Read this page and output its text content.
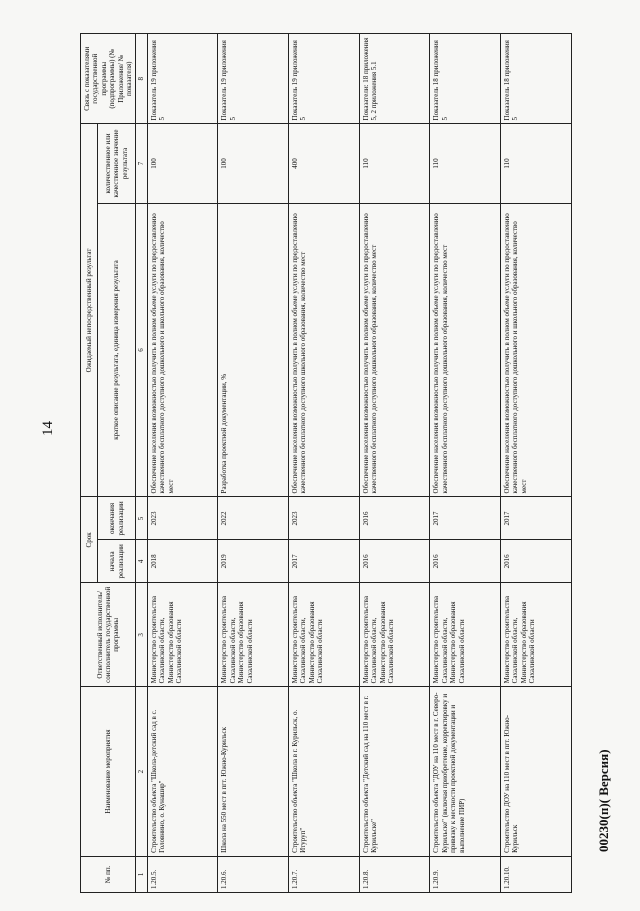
14
№ пп.	Наименование мероприятия	Ответственный исполнитель/соисполнитель государственной программы	Срок		Ожидаемый непосредственный результат		Связь с показателями государственной программы (подпрограммы) (№ Приложения/ № показателя)
			начала реализации	окончания реализации	краткое описание результата, единица измерения результата	количественное или качественное значение результата	
1	2	3	4	5	6	7	8
1.20.5.	Строительство объекта "Школа-детский сад в с. Головнино, о. Кунашир"	Министерство строительства Сахалинской области, Министерство образования Сахалинской области	2018	2023	Обеспечение населения возможностью получить в полном объеме услуги по предоставлению качественного бесплатного доступного дошкольного и школьного образования, количество мест	100	Показатель 19 приложения 5
1.20.6.	Школа на 550 мест в пгт. Южно-Курильск	Министерство строительства Сахалинской области, Министерство образования Сахалинской области	2019	2022	Разработка проектной документации, %	100	Показатель 19 приложения 5
1.20.7.	Строительство объекта "Школа в г. Курильск, о. Итуруп"	Министерство строительства Сахалинской области, Министерство образования Сахалинской области	2017	2023	Обеспечение населения возможностью получить в полном объеме услуги по предоставлению качественного бесплатного доступного школьного образования, количество мест	400	Показатель 19 приложения 5
1.20.8.	Строительство объекта "Детский сад на 110 мест в г. Курильске"	Министерство строительства Сахалинской области, Министерство образования Сахалинской области	2016	2016	Обеспечение населения возможностью получить в полном объеме услуги по предоставлению качественного бесплатного доступного дошкольного образования, количество мест	110	Показатели: 18 приложения 5, 2 приложения 5.1
1.20.9.	Строительство объекта "ДОУ на 110 мест в г. Северо-Курильске" (включая приобретение, корректировку и привязку к местности проектной документации и выполнение ПИР)	Министерство строительства Сахалинской области, Министерство образования Сахалинской области	2016	2017	Обеспечение населения возможностью получить в полном объеме услуги по предоставлению качественного бесплатного доступного дошкольного образования, количество мест	110	Показатель 18 приложения 5
1.20.10.	Строительство ДОУ на 110 мест в пгт. Южно-Курильск	Министерство строительства Сахалинской области, Министерство образования Сахалинской области	2016	2017	Обеспечение населения возможностью получить в полном объеме услуги по предоставлению качественного бесплатного доступного дошкольного и школьного образования, количество мест	110	Показатель 18 приложения 5
00230(п)( Версия)
